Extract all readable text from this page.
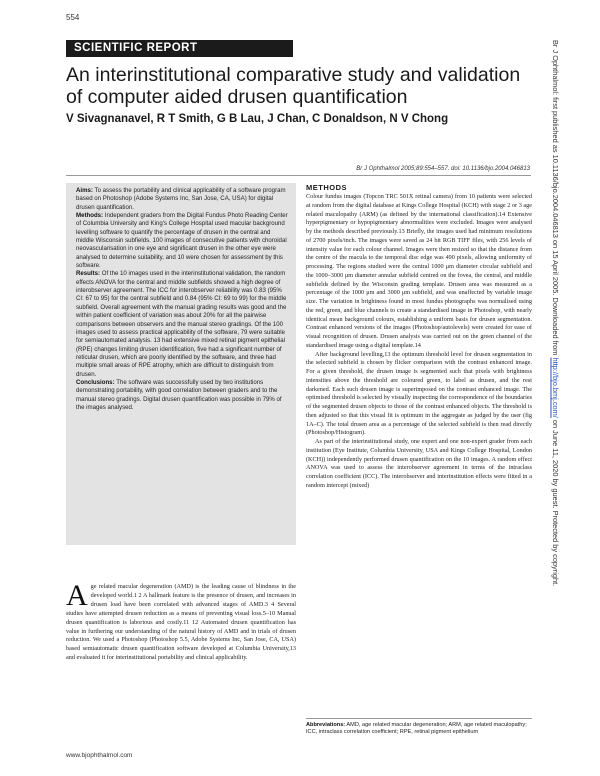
554
SCIENTIFIC REPORT
An interinstitutional comparative study and validation of computer aided drusen quantification
V Sivagnanavel, R T Smith, G B Lau, J Chan, C Donaldson, N V Chong
Br J Ophthalmol 2005;89:554–557. doi: 10.1136/bjo.2004.046813

Aims: To assess the portability and clinical applicability of a software program based on Photoshop (Adobe Systems Inc, San Jose, CA, USA) for digital drusen quantification.

Methods: Independent graders from the Digital Fundus Photo Reading Center of Columbia University and King's College Hospital used macular background levelling software to quantify the percentage of drusen in the central and middle Wisconsin subfields. 100 images of consecutive patients with choroidal neovascularisation in one eye and significant drusen in the other eye were analysed to determine suitability, and 10 were chosen for assessment by this software.

Results: Of the 10 images used in the interinstitutional validation, the random effects ANOVA for the central and middle subfields showed a high degree of interobserver agreement. The ICC for interobserver reliability was 0.83 (95% CI: 67 to 95) for the central subfield and 0.84 (95% CI: 69 to 99) for the middle subfield. Overall agreement with the manual grading results was good and the within patient coefficient of variation was about 20% for all the pairwise comparisons between observers and the manual stereo gradings. Of the 100 images used to assess practical applicability of the software, 79 were suitable for semiautomated analysis. 13 had extensive mixed retinal pigment epithelial (RPE) changes limiting drusen identification, five had a significant number of reticular drusen, which are poorly identified by the software, and three had multiple small areas of RPE atrophy, which are difficult to distinguish from drusen.

Conclusions: The software was successfully used by two institutions demonstrating portability, with good correlation between graders and to the manual stereo gradings. Digital drusen quantification was possible in 79% of the images analysed.

Age related macular degeneration (AMD) is the leading cause of blindness in the developed world.1 2 A hallmark feature is the presence of drusen, and increases in drusen load have been correlated with advanced stages of AMD.3 4 Several studies have attempted drusen reduction as a means of preventing visual loss.5–10 Manual drusen quantification is laborious and costly.11 12 Automated drusen quantification has value in furthering our understanding of the natural history of AMD and in trials of drusen reduction. We used a Photoshop (Photoshop 5.5, Adobe Systems Inc, San Jose, CA, USA) based semiautomatic drusen quantification software developed at Columbia University,13 and evaluated it for interinstitutional portability and clinical applicability.
METHODS

Colour fundus images (Topcon TRC 501X retinal camera) from 10 patients were selected at random from the digital database at Kings College Hospital (KCH) with stage 2 or 3 age related maculopathy (ARM) (as defined by the international classification).14 Extensive hyperpigmentary or hypopigmentary abnormalities were excluded. Images were analysed by the methods described previously.13 Briefly, the images used had minimum resolutions of 2700 pixels/inch. The images were saved as 24 bit RGB TIFF files, with 256 levels of intensity value for each colour channel. Images were then resized so that the distance from the centre of the macula to the temporal disc edge was 490 pixels, allowing uniformity of processing. The regions studied were the central 1000 μm diameter circular subfield and the 1000–3000 μm diameter annular subfield centred on the fovea, the central, and middle subfields defined by the Wisconsin grading template. Drusen area was measured as a percentage of the 1000 μm and 3000 μm subfield, and was unaffected by variable image size. The variation in brightness found in most fundus photographs was normalised using the red, green, and blue channels to create a standardised image in Photoshop, with nearly identical mean background colours, establishing a uniform basis for drusen segmentation. Contrast enhanced versions of the images (Photoshop/autolevels) were created for ease of visual recognition of drusen. Drusen analysis was carried out on the green channel of the standardised image using a digital template.14

After background levelling,13 the optimum threshold level for drusen segmentation in the selected subfield is chosen by flicker comparison with the contrast enhanced image. For a given threshold, the drusen image is segmented such that pixels with brightness intensities above the threshold are coloured green, to label as drusen, and the rest darkened. Each such drusen image is superimposed on the contrast enhanced image. The optimised threshold is selected by visually inspecting the correspondence of the boundaries of the segmented drusen objects to those of the contrast enhanced objects. The threshold is then adjusted so that this visual fit is optimum in the aggregate as judged by the user (fig 1A–C). The total drusen area as a percentage of the selected subfield is then read directly (Photoshop/Histogram).

As part of the interinstitutional study, one expert and one non-expert grader from each institution (Eye Institute, Columbia University, USA and Kings College Hospital, London (KCH)) independently performed drusen quantification on the 10 images. A random effect ANOVA was used to assess the interobserver agreement in terms of the intraclass correlation coefficient (ICC). The interobserver and interinstitution effects were fitted in a random intercept (mixed)

Abbreviations: AMD, age related macular degeneration; ARM, age related maculopathy; ICC, intraclass correlation coefficient; RPE, retinal pigment epithelium
www.bjophthalmol.com
Br J Ophthalmol: first published as 10.1136/bjo.2004.046813 on 15 April 2005. Downloaded from http://bjo.bmj.com/ on June 11, 2020 by guest. Protected by copyright.
